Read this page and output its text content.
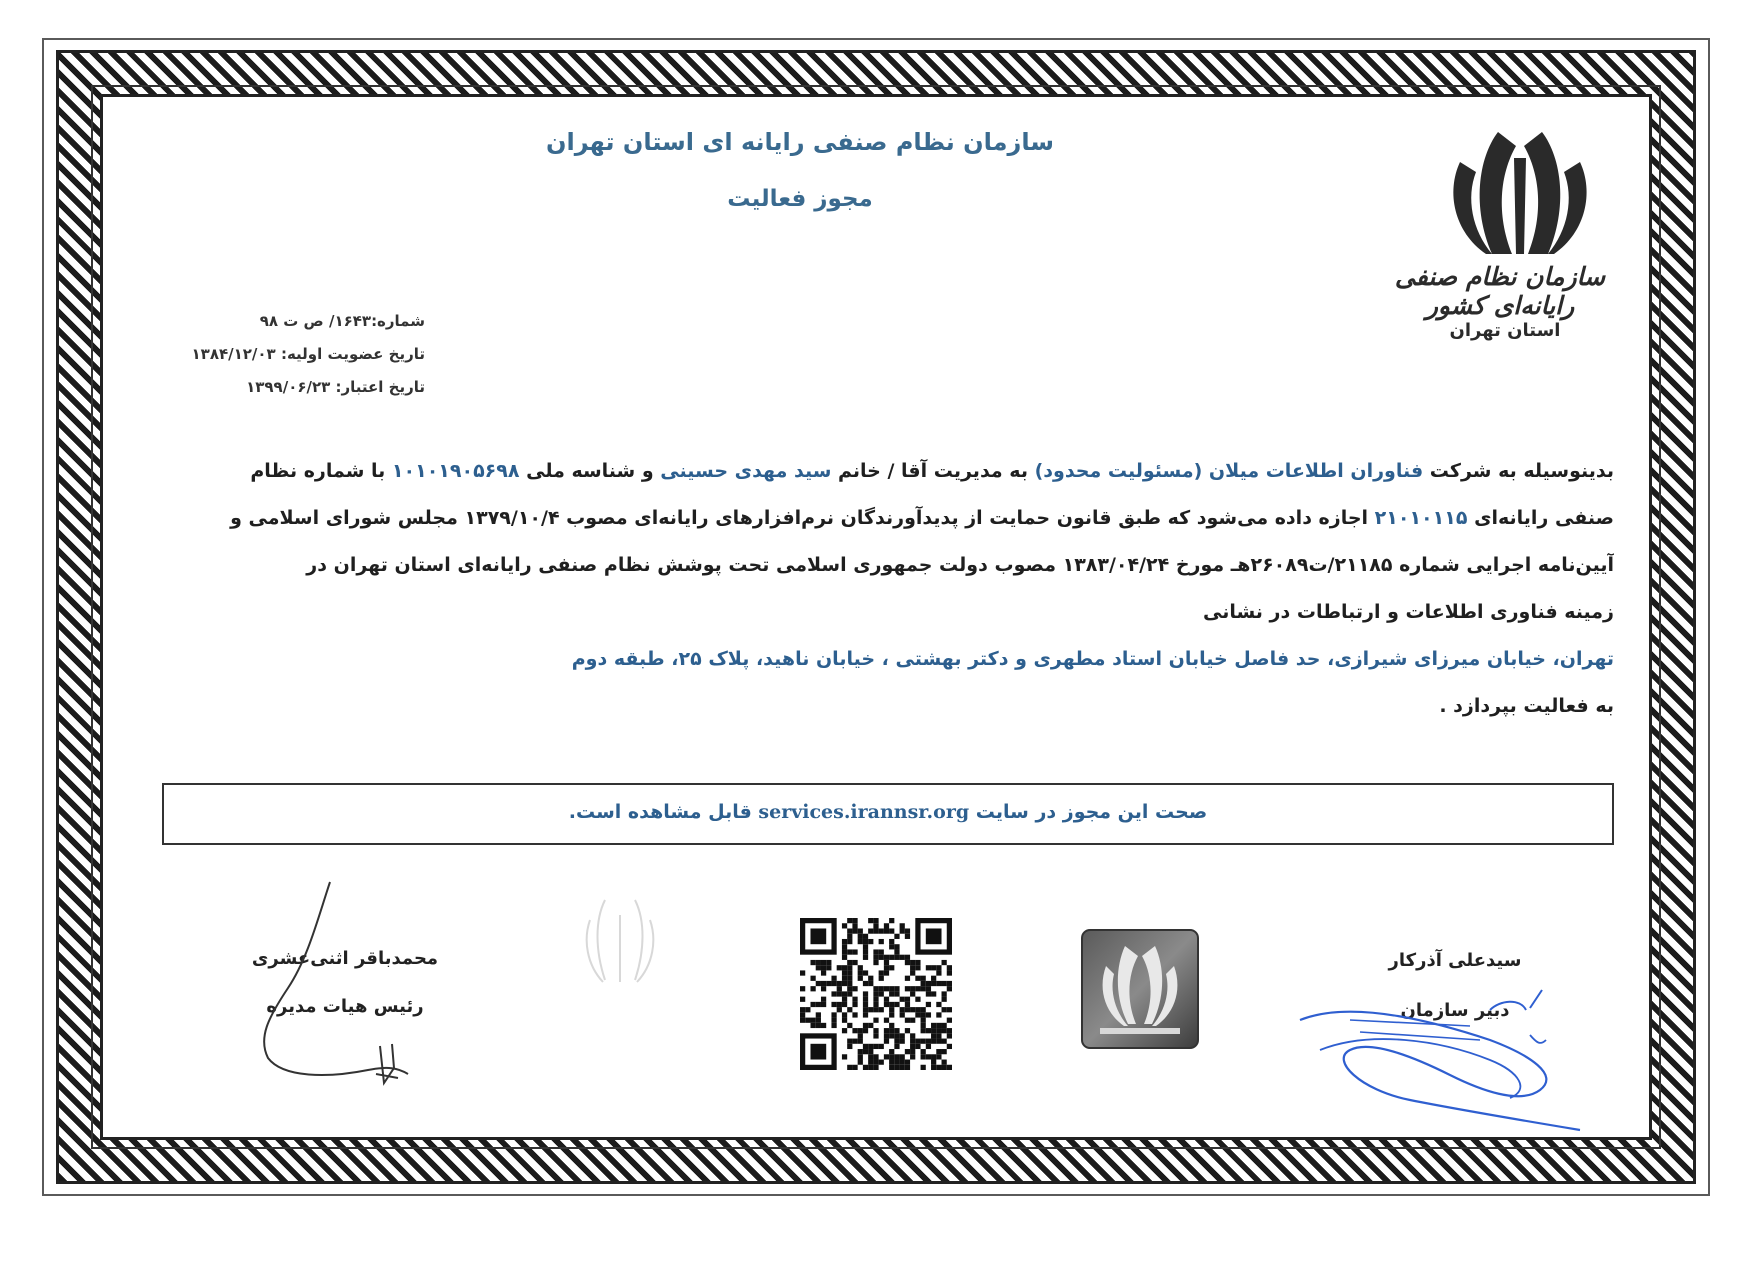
سازمان نظام صنفی رایانه ای استان تهران
مجوز فعالیت
سازمان نظام صنفی رایانه‌ای کشور
استان تهران
شماره:۱۶۴۳/ ص ت ۹۸
تاریخ عضویت اولیه: ۱۳۸۴/۱۲/۰۳
تاریخ اعتبار: ۱۳۹۹/۰۶/۲۳
بدینوسیله به شرکت فناوران اطلاعات میلان (مسئولیت محدود) به مدیریت آقا / خانم سید مهدی حسینی و شناسه ملی ۱۰۱۰۱۹۰۵۶۹۸ با شماره نظام
صنفی رایانه‌ای ۲۱۰۱۰۱۱۵ اجازه داده می‌شود که طبق قانون حمایت از پدیدآورندگان نرم‌افزارهای رایانه‌ای مصوب ۱۳۷۹/۱۰/۴ مجلس شورای اسلامی و
آیین‌نامه اجرایی شماره ۲۱۱۸۵/ت۲۶۰۸۹هـ مورخ ۱۳۸۳/۰۴/۲۴ مصوب دولت جمهوری اسلامی تحت پوشش نظام صنفی رایانه‌ای استان تهران در
زمینه فناوری اطلاعات و ارتباطات در نشانی
تهران، خیابان میرزای شیرازی، حد فاصل خیابان استاد مطهری و دکتر بهشتی ، خیابان ناهید، پلاک ۲۵، طبقه دوم
به فعالیت بپردازد .
صحت این مجوز در سایت services.irannsr.org قابل مشاهده است.
محمدباقر اثنی‌عشری
رئیس هیات مدیره
سیدعلی آذرکار
دبیر سازمان
